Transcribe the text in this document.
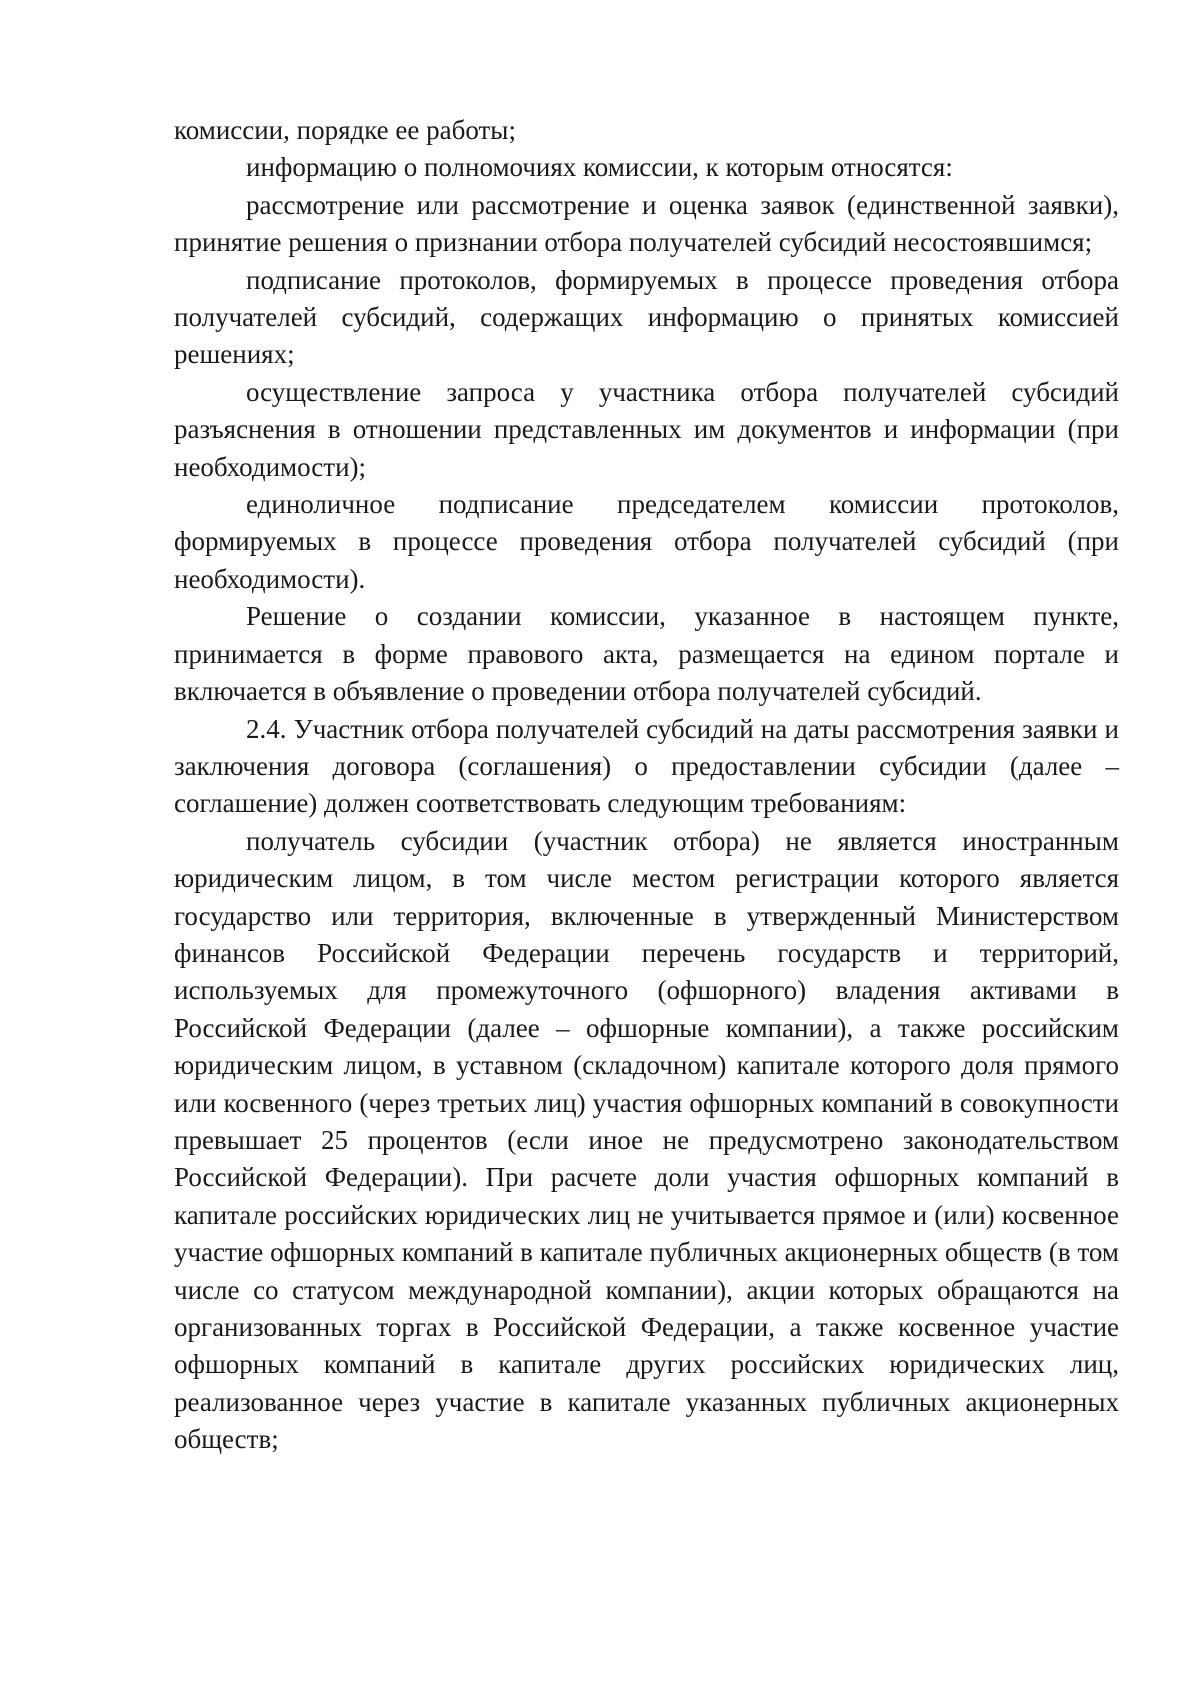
комиссии, порядке ее работы;

информацию о полномочиях комиссии, к которым относятся:

рассмотрение или рассмотрение и оценка заявок (единственной заявки), принятие решения о признании отбора получателей субсидий несостоявшимся;

подписание протоколов, формируемых в процессе проведения отбора получателей субсидий, содержащих информацию о принятых комиссией решениях;

осуществление запроса у участника отбора получателей субсидий разъяснения в отношении представленных им документов и информации (при необходимости);

единоличное подписание председателем комиссии протоколов, формируемых в процессе проведения отбора получателей субсидий (при необходимости).

Решение о создании комиссии, указанное в настоящем пункте, принимается в форме правового акта, размещается на едином портале и включается в объявление о проведении отбора получателей субсидий.

2.4. Участник отбора получателей субсидий на даты рассмотрения заявки и заключения договора (соглашения) о предоставлении субсидии (далее – соглашение) должен соответствовать следующим требованиям:

получатель субсидии (участник отбора) не является иностранным юридическим лицом, в том числе местом регистрации которого является государство или территория, включенные в утвержденный Министерством финансов Российской Федерации перечень государств и территорий, используемых для промежуточного (офшорного) владения активами в Российской Федерации (далее – офшорные компании), а также российским юридическим лицом, в уставном (складочном) капитале которого доля прямого или косвенного (через третьих лиц) участия офшорных компаний в совокупности превышает 25 процентов (если иное не предусмотрено законодательством Российской Федерации). При расчете доли участия офшорных компаний в капитале российских юридических лиц не учитывается прямое и (или) косвенное участие офшорных компаний в капитале публичных акционерных обществ (в том числе со статусом международной компании), акции которых обращаются на организованных торгах в Российской Федерации, а также косвенное участие офшорных компаний в капитале других российских юридических лиц, реализованное через участие в капитале указанных публичных акционерных обществ;
